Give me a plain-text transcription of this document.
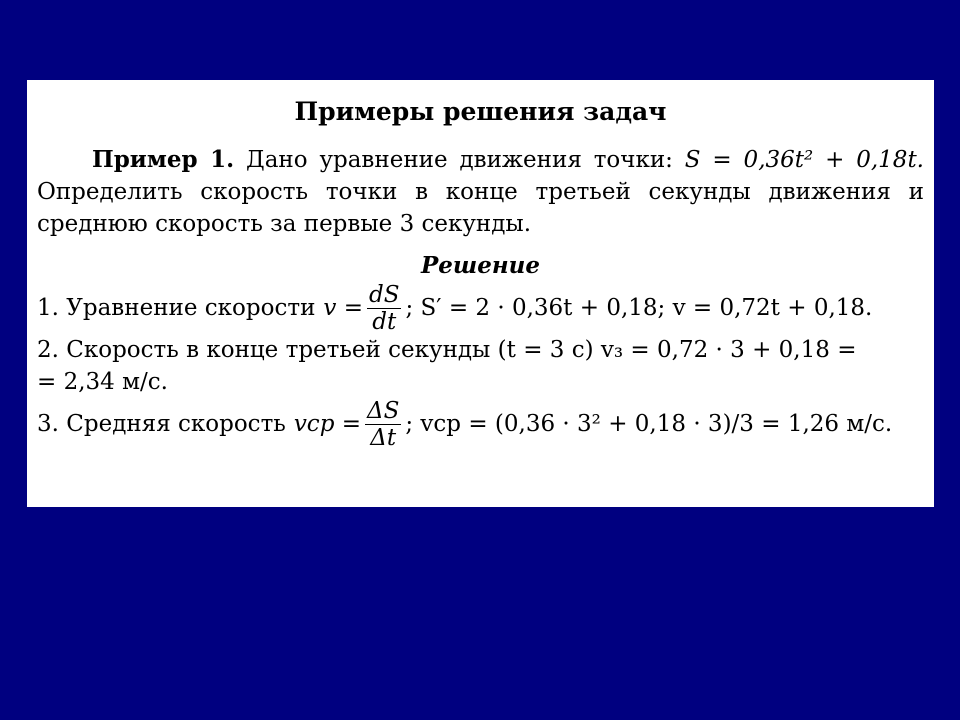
Примеры решения задач
Пример 1. Дано уравнение движения точки: S = 0,36t² + 0,18t. Определить скорость точки в конце третьей секунды движения и среднюю скорость за первые 3 секунды.
Решение
1. Уравнение скорости $v = \frac{dS}{dt}$ ; S′ = 2 · 0,36t + 0,18; v = 0,72t + 0,18.
2. Скорость в конце третьей секунды (t = 3 c) v₃ = 0,72 · 3 + 0,18 =
= 2,34 м/с.
3. Средняя скорость vср = $\frac{\Delta S}{\Delta t}$ ; vср = (0,36 · 3² + 0,18 · 3)/3 = 1,26 м/с.
